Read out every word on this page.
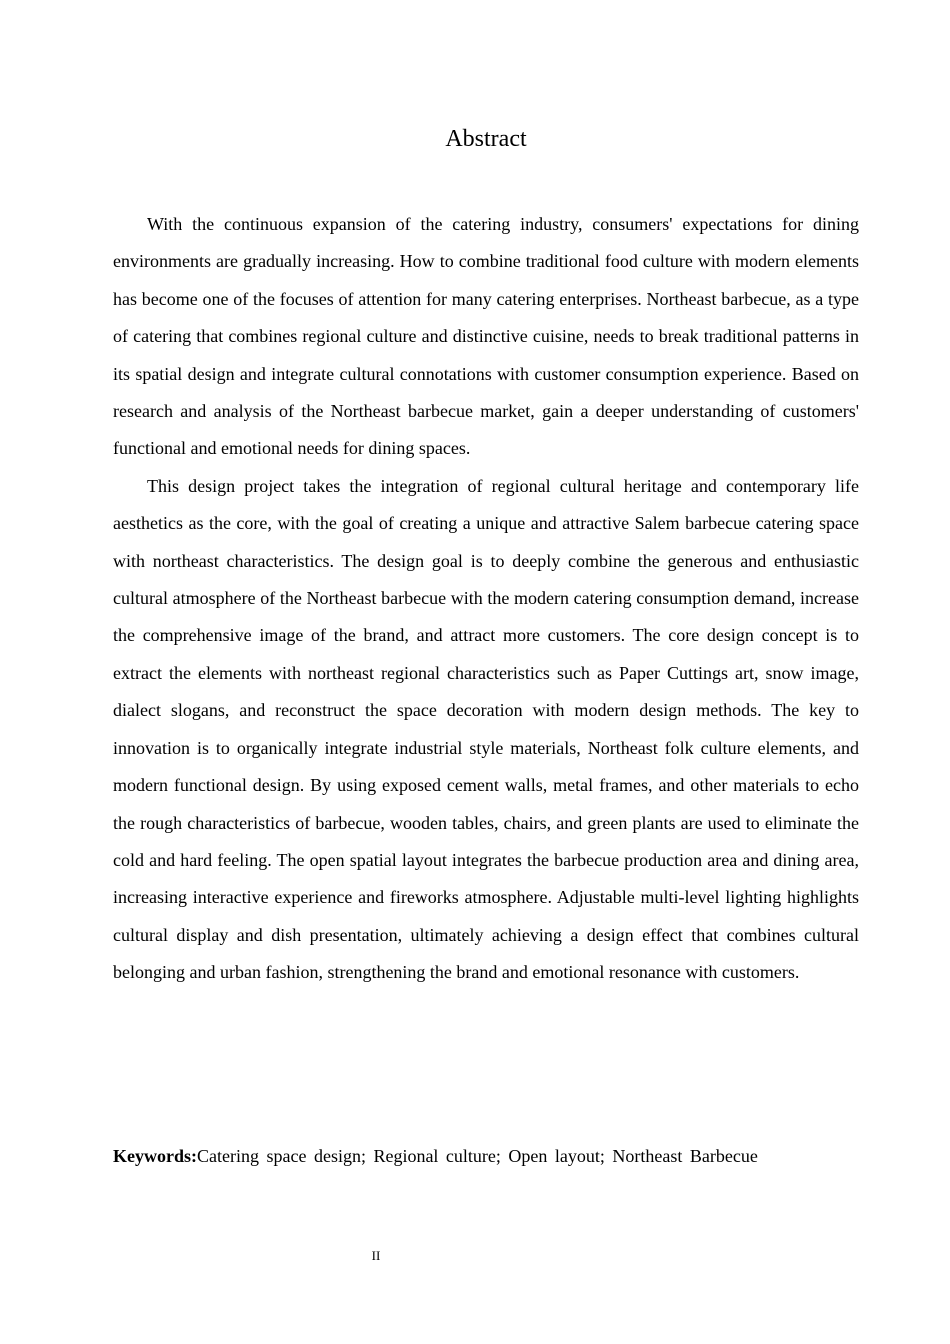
Abstract

With the continuous expansion of the catering industry, consumers' expectations for dining environments are gradually increasing. How to combine traditional food culture with modern elements has become one of the focuses of attention for many catering enterprises. Northeast barbecue, as a type of catering that combines regional culture and distinctive cuisine, needs to break traditional patterns in its spatial design and integrate cultural connotations with customer consumption experience. Based on research and analysis of the Northeast barbecue market, gain a deeper understanding of customers' functional and emotional needs for dining spaces.

This design project takes the integration of regional cultural heritage and contemporary life aesthetics as the core, with the goal of creating a unique and attractive Salem barbecue catering space with northeast characteristics. The design goal is to deeply combine the generous and enthusiastic cultural atmosphere of the Northeast barbecue with the modern catering consumption demand, increase the comprehensive image of the brand, and attract more customers. The core design concept is to extract the elements with northeast regional characteristics such as Paper Cuttings art, snow image, dialect slogans, and reconstruct the space decoration with modern design methods. The key to innovation is to organically integrate industrial style materials, Northeast folk culture elements, and modern functional design. By using exposed cement walls, metal frames, and other materials to echo the rough characteristics of barbecue, wooden tables, chairs, and green plants are used to eliminate the cold and hard feeling. The open spatial layout integrates the barbecue production area and dining area, increasing interactive experience and fireworks atmosphere. Adjustable multi-level lighting highlights cultural display and dish presentation, ultimately achieving a design effect that combines cultural belonging and urban fashion, strengthening the brand and emotional resonance with customers.

Keywords:Catering space design; Regional culture; Open layout; Northeast Barbecue

II
